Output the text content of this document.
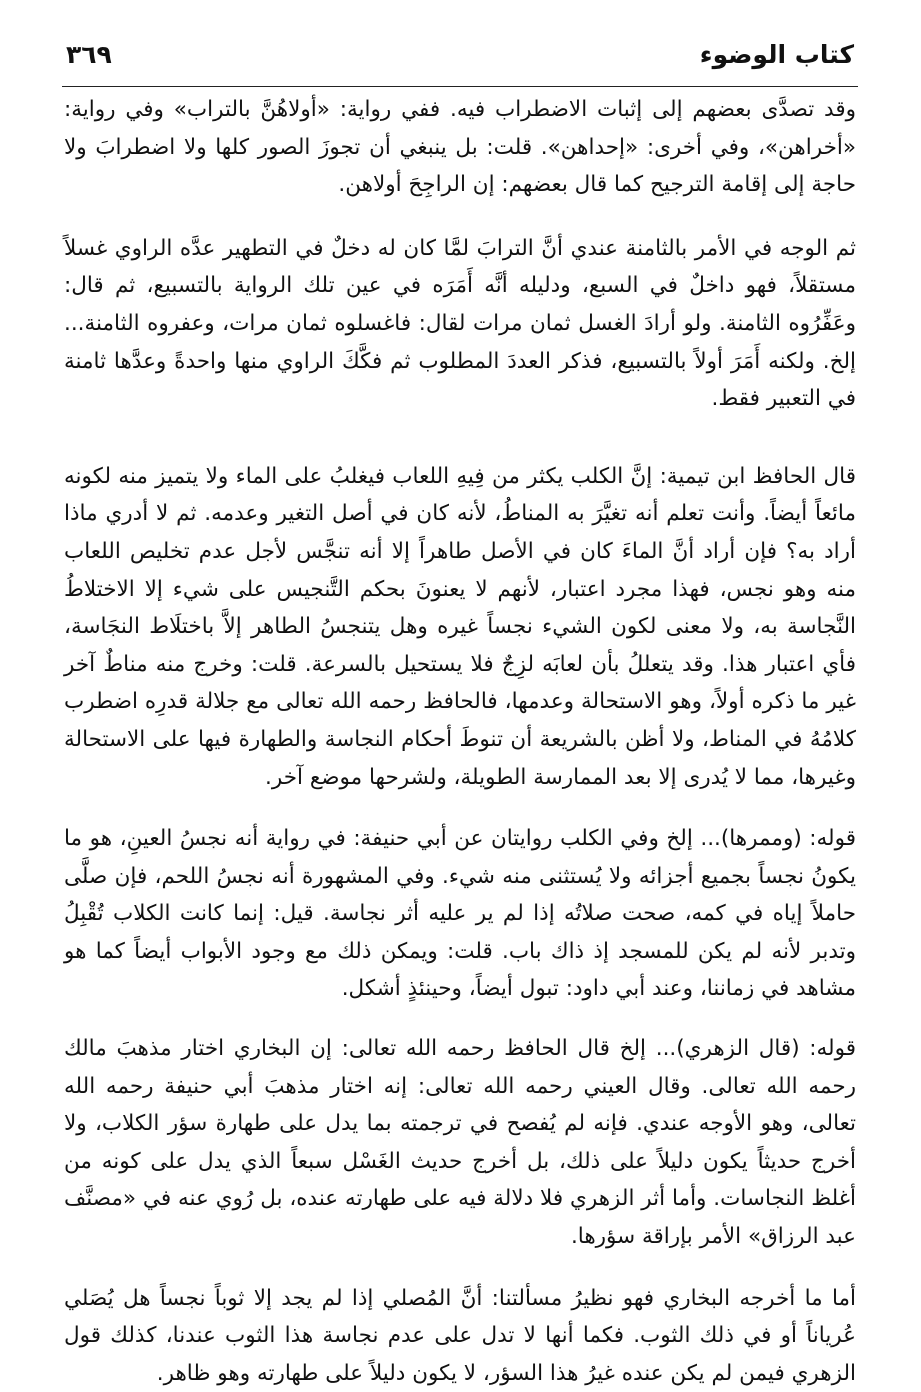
كتاب الوضوء
٣٦٩

وقد تصدَّى بعضهم إلى إثبات الاضطراب فيه. ففي رواية: «أولاهُنَّ بالتراب» وفي رواية: «أخراهن»، وفي أخرى: «إحداهن». قلت: بل ينبغي أن تجوزَ الصور كلها ولا اضطرابَ ولا حاجة إلى إقامة الترجيح كما قال بعضهم: إن الراجِحَ أولاهن.

ثم الوجه في الأمر بالثامنة عندي أنَّ الترابَ لمَّا كان له دخلٌ في التطهير عدَّه الراوي غسلاً مستقلاً، فهو داخلٌ في السبع، ودليله أنَّه أَمَرَه في عين تلك الرواية بالتسبيع، ثم قال: وعَفِّرُوه الثامنة. ولو أرادَ الغسل ثمان مرات لقال: فاغسلوه ثمان مرات، وعفروه الثامنة... إلخ. ولكنه أَمَرَ أولاً بالتسبيع، فذكر العددَ المطلوب ثم فكَّكَ الراوي منها واحدةً وعدَّها ثامنة في التعبير فقط.

قال الحافظ ابن تيمية: إنَّ الكلب يكثر من فِيهِ اللعاب فيغلبُ على الماء ولا يتميز منه لكونه مائعاً أيضاً. وأنت تعلم أنه تغيَّرَ به المناطُ، لأنه كان في أصل التغير وعدمه. ثم لا أدري ماذا أراد به؟ فإن أراد أنَّ الماءَ كان في الأصل طاهراً إلا أنه تنجَّس لأجل عدم تخليص اللعاب منه وهو نجس، فهذا مجرد اعتبار، لأنهم لا يعنونَ بحكم التَّنجيس على شيء إلا الاختلاطُ النَّجاسة به، ولا معنى لكون الشيء نجساً غيره وهل يتنجسُ الطاهر إلاَّ باختلَاط النجَاسة، فأي اعتبار هذا. وقد يتعللُ بأن لعابَه لزِجٌ فلا يستحيل بالسرعة. قلت: وخرج منه مناطٌ آخر غير ما ذكره أولاً، وهو الاستحالة وعدمها، فالحافظ رحمه الله تعالى مع جلالة قدرِه اضطرب كلامُهُ في المناط، ولا أظن بالشريعة أن تنوطَ أحكام النجاسة والطهارة فيها على الاستحالة وغيرها، مما لا يُدرى إلا بعد الممارسة الطويلة، ولشرحها موضع آخر.

قوله: (وممرها)... إلخ وفي الكلب روايتان عن أبي حنيفة: في رواية أنه نجسُ العينِ، هو ما يكونُ نجساً بجميع أجزائه ولا يُستثنى منه شيء. وفي المشهورة أنه نجسُ اللحم، فإن صلَّى حاملاً إياه في كمه، صحت صلاتُه إذا لم ير عليه أثر نجاسة. قيل: إنما كانت الكلاب تُقْبِلُ وتدبر لأنه لم يكن للمسجد إذ ذاك باب. قلت: ويمكن ذلك مع وجود الأبواب أيضاً كما هو مشاهد في زماننا، وعند أبي داود: تبول أيضاً، وحينئذٍ أشكل.

قوله: (قال الزهري)... إلخ قال الحافظ رحمه الله تعالى: إن البخاري اختار مذهبَ مالك رحمه الله تعالى. وقال العيني رحمه الله تعالى: إنه اختار مذهبَ أبي حنيفة رحمه الله تعالى، وهو الأوجه عندي. فإنه لم يُفصح في ترجمته بما يدل على طهارة سؤر الكلاب، ولا أخرج حديثاً يكون دليلاً على ذلك، بل أخرج حديث الغَسْل سبعاً الذي يدل على كونه من أغلظ النجاسات. وأما أثر الزهري فلا دلالة فيه على طهارته عنده، بل رُوي عنه في «مصنَّف عبد الرزاق» الأمر بإراقة سؤرها.

أما ما أخرجه البخاري فهو نظيرُ مسألتنا: أنَّ المُصلي إذا لم يجد إلا ثوباً نجساً هل يُصَلي عُرياناً أو في ذلك الثوب. فكما أنها لا تدل على عدم نجاسة هذا الثوب عندنا، كذلك قول الزهري فيمن لم يكن عنده غيرُ هذا السؤر، لا يكون دليلاً على طهارته وهو ظاهر.
